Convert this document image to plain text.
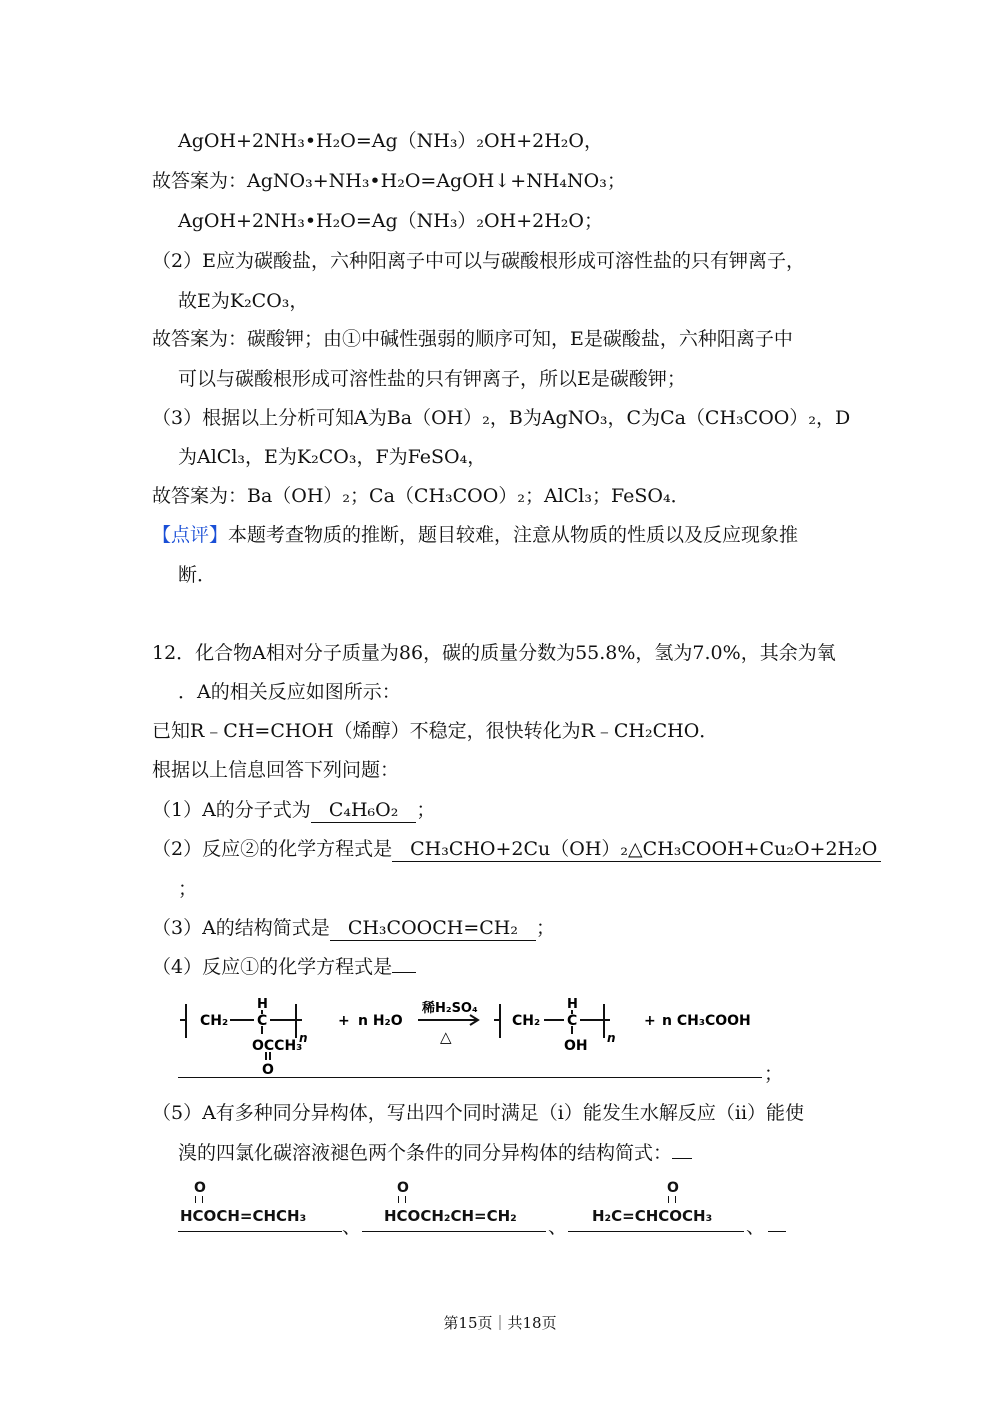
AgOH+2NH₃•H₂O=Ag（NH₃）₂OH+2H₂O，
故答案为：AgNO₃+NH₃•H₂O=AgOH↓+NH₄NO₃；
AgOH+2NH₃•H₂O=Ag（NH₃）₂OH+2H₂O；
（2）E应为碳酸盐，六种阳离子中可以与碳酸根形成可溶性盐的只有钾离子，
故E为K₂CO₃，
故答案为：碳酸钾；由①中碱性强弱的顺序可知，E是碳酸盐，六种阳离子中
可以与碳酸根形成可溶性盐的只有钾离子，所以E是碳酸钾；
（3）根据以上分析可知A为Ba（OH）₂，B为AgNO₃，C为Ca（CH₃COO）₂，D
为AlCl₃，E为K₂CO₃，F为FeSO₄，
故答案为：Ba（OH）₂；Ca（CH₃COO）₂；AlCl₃；FeSO₄．
【点评】本题考查物质的推断，题目较难，注意从物质的性质以及反应现象推
断．
12．化合物A相对分子质量为86，碳的质量分数为55.8%，氢为7.0%，其余为氧
．A的相关反应如图所示：
已知R﹣CH=CHOH（烯醇）不稳定，很快转化为R﹣CH₂CHO．
根据以上信息回答下列问题：
（1）A的分子式为 C₄H₆O₂ ；
（2）反应②的化学方程式是 CH₃CHO+2Cu（OH）₂△CH₃COOH+Cu₂O+2H₂O
；
（3）A的结构简式是 CH₃COOCH=CH₂ ；
（4）反应①的化学方程式是
CH₂
H
C
n
OCCH₃
O
+ n H₂O
稀H₂SO₄
△
CH₂
H
C
n
OH
+ n CH₃COOH
；
（5）A有多种同分异构体，写出四个同时满足（i）能发生水解反应（ii）能使
溴的四氯化碳溶液褪色两个条件的同分异构体的结构简式：
O
HCOCH=CHCH₃ 、
O
HCOCH₂CH=CH₂ 、
O
H₂C=CHCOCH₃ 、
第15页｜共18页
